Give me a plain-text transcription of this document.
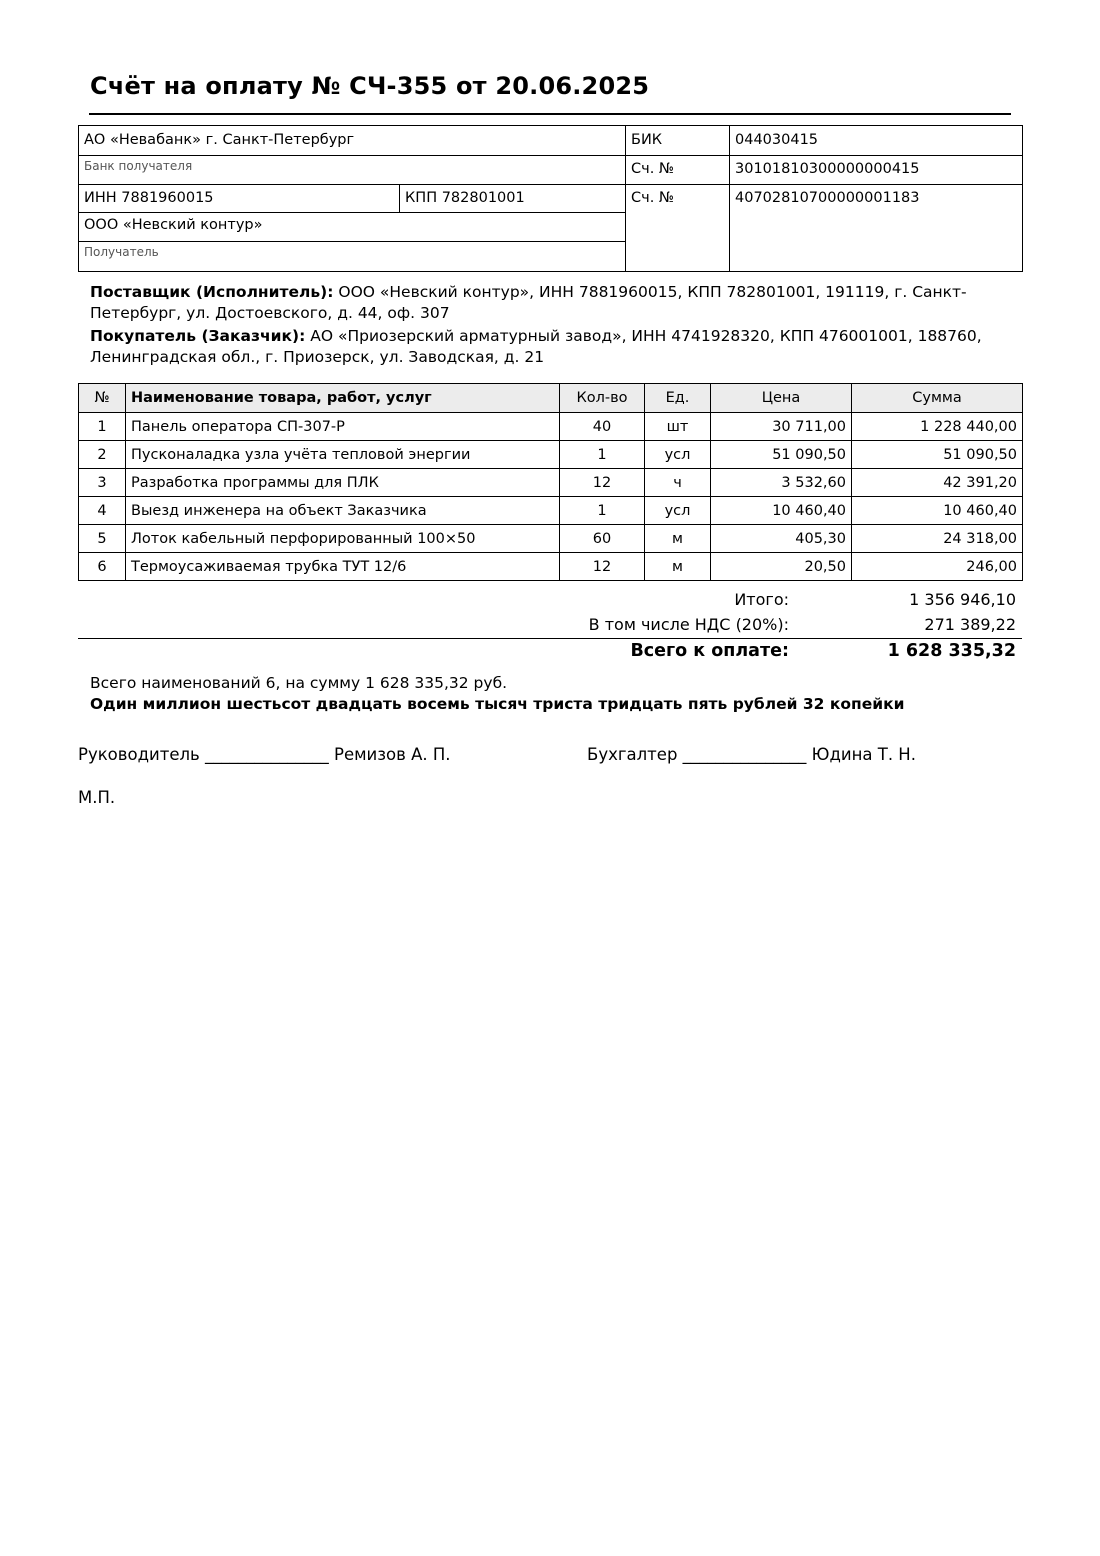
Счёт на оплату № СЧ-355 от 20.06.2025
АО «Невабанк» г. Санкт-Петербург		БИК	044030415
Банк получателя		Сч. №	30101810300000000415
ИНН 7881960015	КПП 782801001	Сч. №	40702810700000001183
ООО «Невский контур»			
Получатель			

Поставщик (Исполнитель): ООО «Невский контур», ИНН 7881960015, КПП 782801001, 191119, г. Санкт-Петербург, ул. Достоевского, д. 44, оф. 307

Покупатель (Заказчик): АО «Приозерский арматурный завод», ИНН 4741928320, КПП 476001001, 188760, Ленинградская обл., г. Приозерск, ул. Заводская, д. 21

№	Наименование товара, работ, услуг	Кол-во	Ед.	Цена	Сумма
1	Панель оператора СП-307-Р	40	шт	30 711,00	1 228 440,00
2	Пусконаладка узла учёта тепловой энергии	1	усл	51 090,50	51 090,50
3	Разработка программы для ПЛК	12	ч	3 532,60	42 391,20
4	Выезд инженера на объект Заказчика	1	усл	10 460,40	10 460,40
5	Лоток кабельный перфорированный 100×50	60	м	405,30	24 318,00
6	Термоусаживаемая трубка ТУТ 12/6	12	м	20,50	246,00
Итого:	1 356 946,10
В том числе НДС (20%):	271 389,22
Всего к оплате:	1 628 335,32

Всего наименований 6, на сумму 1 628 335,32 руб.

Один миллион шестьсот двадцать восемь тысяч триста тридцать пять рублей 32 копейки

Руководитель _______________ Ремизов А. П.	Бухгалтер _______________ Юдина Т. Н.
М.П.
